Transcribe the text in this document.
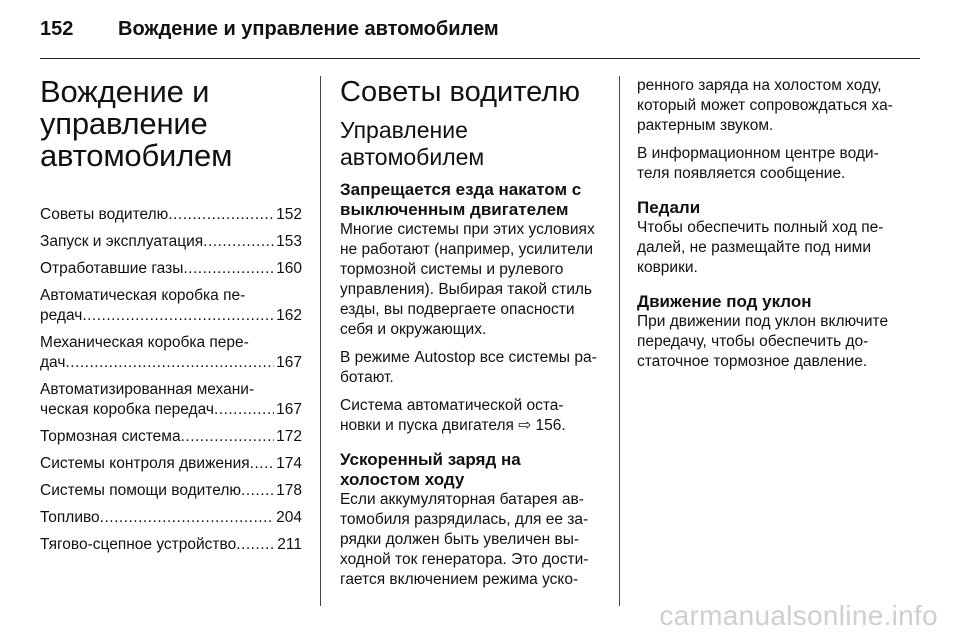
152 Вождение и управление автомобилем
Вождение и
управление
автомобилем
Советы водителю .....	152
Запуск и эксплуатация .....	153
Отработавшие газы .....	160
Автоматическая коробка пе-
редач .....	162
Механическая коробка пере-
дач .....	167
Автоматизированная механи-
ческая коробка передач .....	167
Тормозная система .....	172
Системы контроля движения ..... 174
Системы помощи водителю ..... 178
Топливо .....	204
Тягово-сцепное устройство .....	211
Советы водителю
Управление
автомобилем
Запрещается езда накатом с
выключенным двигателем

Многие системы при этих условиях
не работают (например, усилители
тормозной системы и рулевого
управления). Выбирая такой стиль
езды, вы подвергаете опасности
себя и окружающих.

В режиме Autostop все системы ра-
ботают.

Система автоматической оста-
новки и пуска двигателя ⇨ 156.

Ускоренный заряд на
холостом ходу

Если аккумуляторная батарея ав-
томобиля разрядилась, для ее за-
рядки должен быть увеличен вы-
ходной ток генератора. Это дости-
гается включением режима уско-

ренного заряда на холостом ходу,
который может сопровождаться ха-
рактерным звуком.

В информационном центре води-
теля появляется сообщение.

Педали

Чтобы обеспечить полный ход пе-
далей, не размещайте под ними
коврики.

Движение под уклон

При движении под уклон включите
передачу, чтобы обеспечить до-
статочное тормозное давление.

carmanualsonline.info
